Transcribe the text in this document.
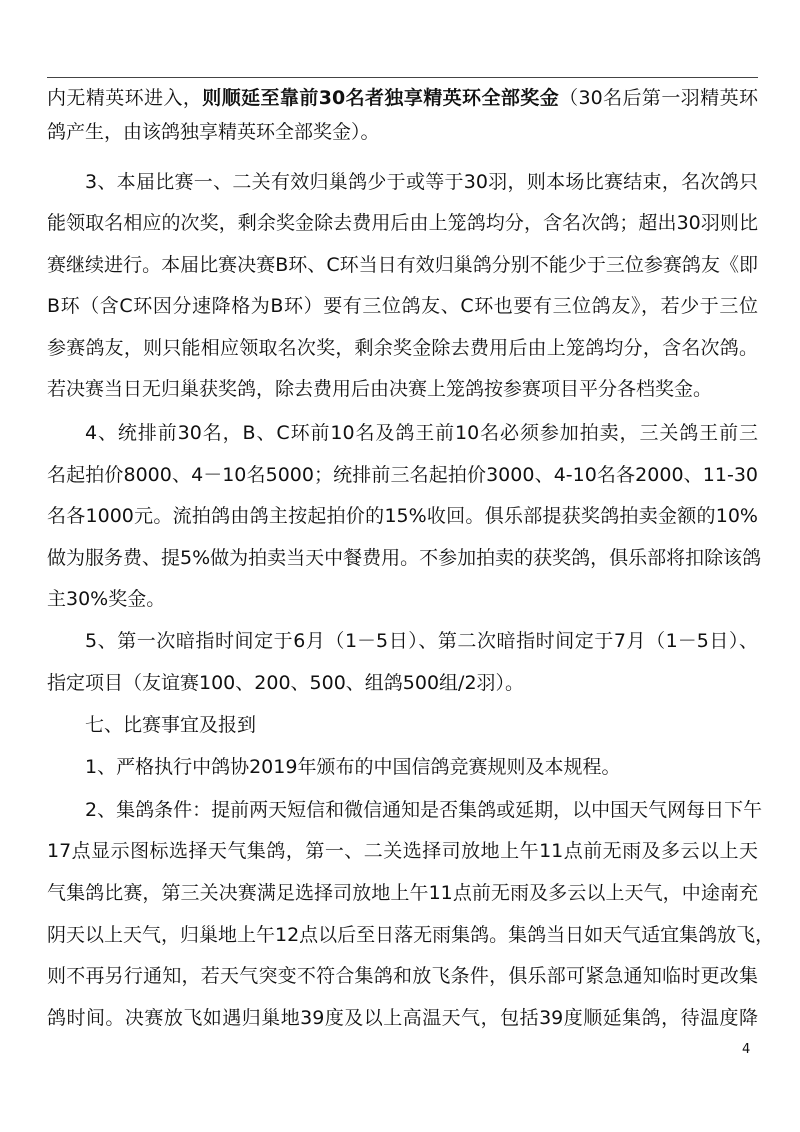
内无精英环进入，则顺延至靠前30名者独享精英环全部奖金（30名后第一羽精英环
鸽产生，由该鸽独享精英环全部奖金）。
3、本届比赛一、二关有效归巢鸽少于或等于30羽，则本场比赛结束，名次鸽只
能领取名相应的次奖，剩余奖金除去费用后由上笼鸽均分，含名次鸽；超出30羽则比
赛继续进行。本届比赛决赛B环、C环当日有效归巢鸽分别不能少于三位参赛鸽友《即
B环（含C环因分速降格为B环）要有三位鸽友、C环也要有三位鸽友》，若少于三位
参赛鸽友，则只能相应领取名次奖，剩余奖金除去费用后由上笼鸽均分，含名次鸽。
若决赛当日无归巢获奖鸽，除去费用后由决赛上笼鸽按参赛项目平分各档奖金。
4、统排前30名，B、C环前10名及鸽王前10名必须参加拍卖，三关鸽王前三
名起拍价8000、4－10名5000；统排前三名起拍价3000、4-10名各2000、11-30
名各1000元。流拍鸽由鸽主按起拍价的15%收回。俱乐部提获奖鸽拍卖金额的10%
做为服务费、提5%做为拍卖当天中餐费用。不参加拍卖的获奖鸽，俱乐部将扣除该鸽
主30%奖金。
5、第一次暗指时间定于6月（1－5日）、第二次暗指时间定于7月（1－5日）、
指定项目（友谊赛100、200、500、组鸽500组/2羽）。
七、比赛事宜及报到
1、严格执行中鸽协2019年颁布的中国信鸽竞赛规则及本规程。
2、集鸽条件：提前两天短信和微信通知是否集鸽或延期，以中国天气网每日下午
17点显示图标选择天气集鸽，第一、二关选择司放地上午11点前无雨及多云以上天
气集鸽比赛，第三关决赛满足选择司放地上午11点前无雨及多云以上天气，中途南充
阴天以上天气，归巢地上午12点以后至日落无雨集鸽。集鸽当日如天气适宜集鸽放飞，
则不再另行通知，若天气突变不符合集鸽和放飞条件，俱乐部可紧急通知临时更改集
鸽时间。决赛放飞如遇归巢地39度及以上高温天气，包括39度顺延集鸽，待温度降
4
